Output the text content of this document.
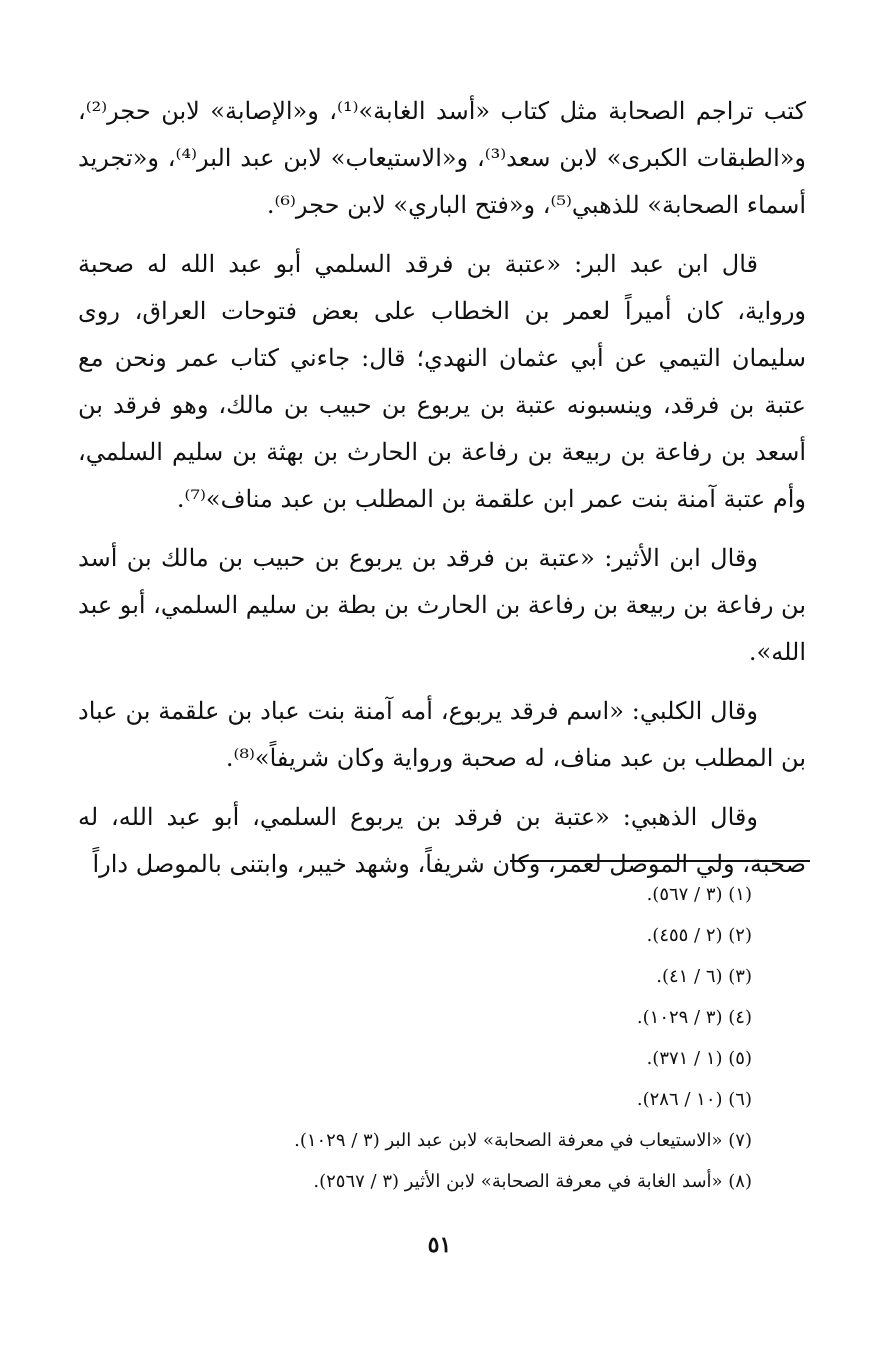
كتب تراجم الصحابة مثل كتاب «أسد الغابة»⁽¹⁾، و«الإصابة» لابن حجر⁽²⁾، و«الطبقات الكبرى» لابن سعد⁽³⁾، و«الاستيعاب» لابن عبد البر⁽⁴⁾، و«تجريد أسماء الصحابة» للذهبي⁽⁵⁾، و«فتح الباري» لابن حجر⁽⁶⁾.

قال ابن عبد البر: «عتبة بن فرقد السلمي أبو عبد الله له صحبة ورواية، كان أميراً لعمر بن الخطاب على بعض فتوحات العراق، روى سليمان التيمي عن أبي عثمان النهدي؛ قال: جاءني كتاب عمر ونحن مع عتبة بن فرقد، وينسبونه عتبة بن يربوع بن حبيب بن مالك، وهو فرقد بن أسعد بن رفاعة بن ربيعة بن رفاعة بن الحارث بن بهثة بن سليم السلمي، وأم عتبة آمنة بنت عمر ابن علقمة بن المطلب بن عبد مناف»⁽⁷⁾.

وقال ابن الأثير: «عتبة بن فرقد بن يربوع بن حبيب بن مالك بن أسد بن رفاعة بن ربيعة بن رفاعة بن الحارث بن بطة بن سليم السلمي، أبو عبد الله».

وقال الكلبي: «اسم فرقد يربوع، أمه آمنة بنت عباد بن علقمة بن عباد بن المطلب بن عبد مناف، له صحبة ورواية وكان شريفاً»⁽⁸⁾.

وقال الذهبي: «عتبة بن فرقد بن يربوع السلمي، أبو عبد الله، له صحبة، ولي الموصل لعمر، وكان شريفاً، وشهد خيبر، وابتنى بالموصل داراً

(١) (٣ / ٥٦٧).
(٢) (٢ / ٤٥٥).
(٣) (٦ / ٤١).
(٤) (٣ / ١٠٢٩).
(٥) (١ / ٣٧١).
(٦) (١٠ / ٢٨٦).
(٧) «الاستيعاب في معرفة الصحابة» لابن عبد البر (٣ / ١٠٢٩).
(٨) «أسد الغابة في معرفة الصحابة» لابن الأثير (٣ / ٢٥٦٧).
٥١
